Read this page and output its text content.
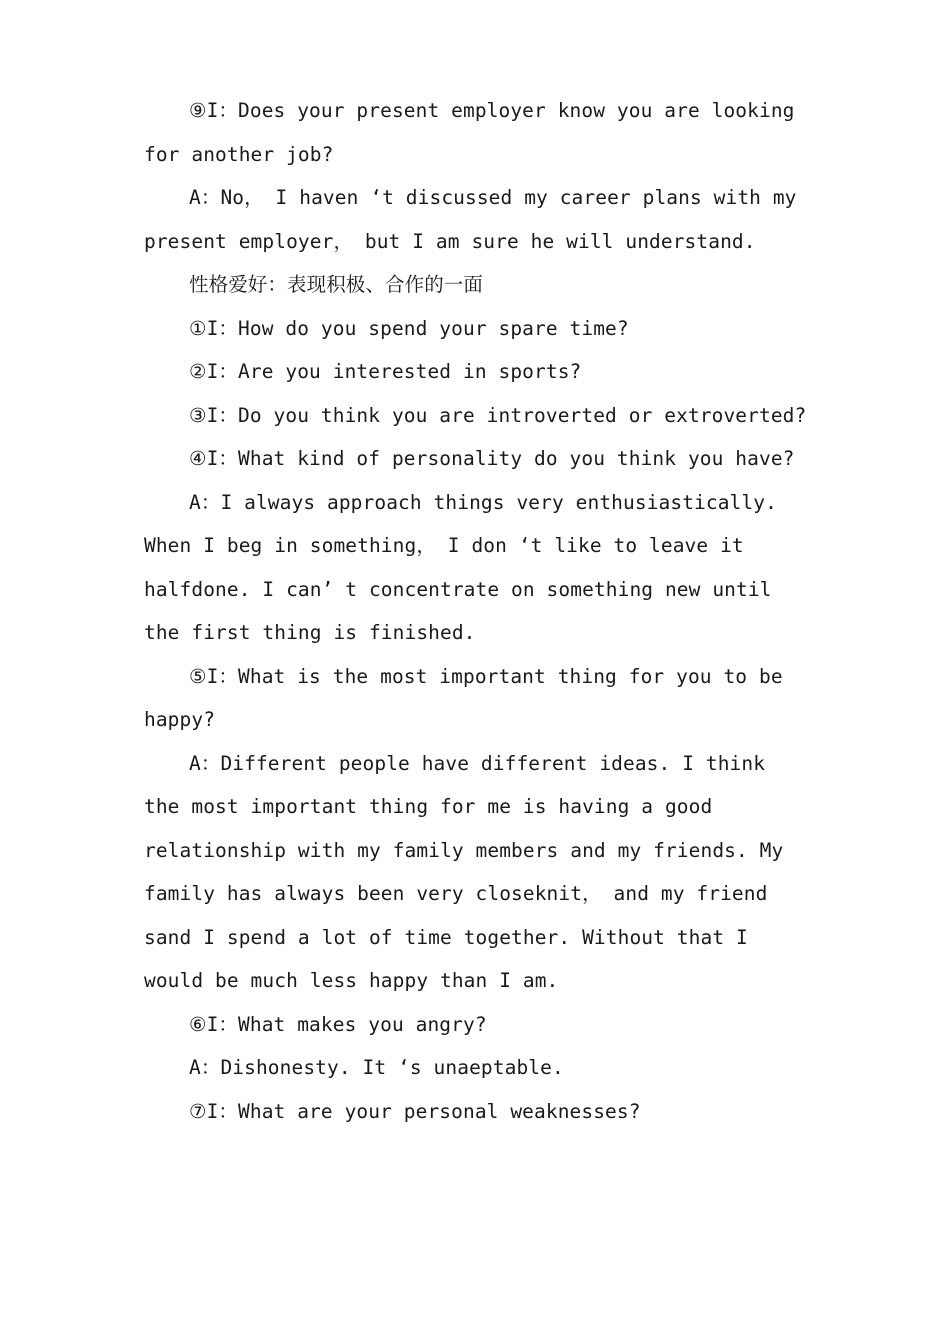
⑨I：Does your present employer know you are looking for another job?

A：No， I haven ‘t discussed my career plans with my present employer， but I am sure he will understand.

性格爱好：表现积极、合作的一面

①I：How do you spend your spare time?

②I：Are you interested in sports?

③I：Do you think you are introverted or extroverted?

④I：What kind of personality do you think you have?

A：I always approach things very enthusiastically. When I beg in something， I don ‘t like to leave it halfdone. I can’ t concentrate on something new until the first thing is finished.

⑤I：What is the most important thing for you to be happy?

A：Different people have different ideas. I think the most important thing for me is having a good relationship with my family members and my friends. My family has always been very closeknit， and my friend sand I spend a lot of time together. Without that I would be much less happy than I am.

⑥I：What makes you angry?

A：Dishonesty. It ‘s unaeptable.

⑦I：What are your personal weaknesses?
